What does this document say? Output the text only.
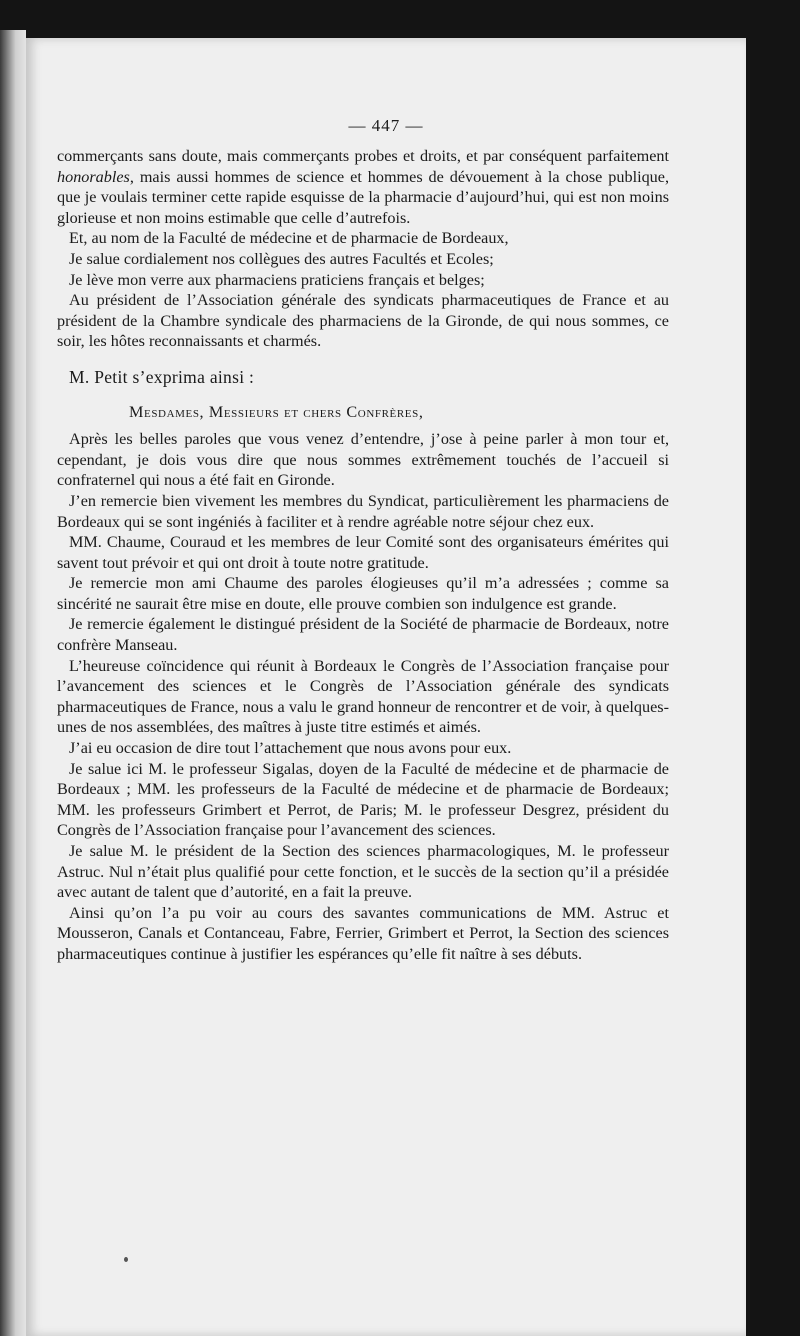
— 447 —

commerçants sans doute, mais commerçants probes et droits, et par conséquent parfaitement honorables, mais aussi hommes de science et hommes de dévouement à la chose publique, que je voulais terminer cette rapide esquisse de la pharmacie d’aujourd’hui, qui est non moins glorieuse et non moins estimable que celle d’autrefois.

Et, au nom de la Faculté de médecine et de pharmacie de Bordeaux,

Je salue cordialement nos collègues des autres Facultés et Ecoles;

Je lève mon verre aux pharmaciens praticiens français et belges;

Au président de l’Association générale des syndicats pharmaceutiques de France et au président de la Chambre syndicale des pharmaciens de la Gironde, de qui nous sommes, ce soir, les hôtes reconnaissants et charmés.

M. Petit s’exprima ainsi :

Mesdames, Messieurs et chers Confrères,

Après les belles paroles que vous venez d’entendre, j’ose à peine parler à mon tour et, cependant, je dois vous dire que nous sommes extrêmement touchés de l’accueil si confraternel qui nous a été fait en Gironde.

J’en remercie bien vivement les membres du Syndicat, particulièrement les pharmaciens de Bordeaux qui se sont ingéniés à faciliter et à rendre agréable notre séjour chez eux.

MM. Chaume, Couraud et les membres de leur Comité sont des organisateurs émérites qui savent tout prévoir et qui ont droit à toute notre gratitude.

Je remercie mon ami Chaume des paroles élogieuses qu’il m’a adressées ; comme sa sincérité ne saurait être mise en doute, elle prouve combien son indulgence est grande.

Je remercie également le distingué président de la Société de pharmacie de Bordeaux, notre confrère Manseau.

L’heureuse coïncidence qui réunit à Bordeaux le Congrès de l’Association française pour l’avancement des sciences et le Congrès de l’Association générale des syndicats pharmaceutiques de France, nous a valu le grand honneur de rencontrer et de voir, à quelques-unes de nos assemblées, des maîtres à juste titre estimés et aimés.

J’ai eu occasion de dire tout l’attachement que nous avons pour eux.

Je salue ici M. le professeur Sigalas, doyen de la Faculté de médecine et de pharmacie de Bordeaux ; MM. les professeurs de la Faculté de médecine et de pharmacie de Bordeaux; MM. les professeurs Grimbert et Perrot, de Paris; M. le professeur Desgrez, président du Congrès de l’Association française pour l’avancement des sciences.

Je salue M. le président de la Section des sciences pharmacologiques, M. le professeur Astruc. Nul n’était plus qualifié pour cette fonction, et le succès de la section qu’il a présidée avec autant de talent que d’autorité, en a fait la preuve.

Ainsi qu’on l’a pu voir au cours des savantes communications de MM. Astruc et Mousseron, Canals et Contanceau, Fabre, Ferrier, Grimbert et Perrot, la Section des sciences pharmaceutiques continue à justifier les espérances qu’elle fit naître à ses débuts.
